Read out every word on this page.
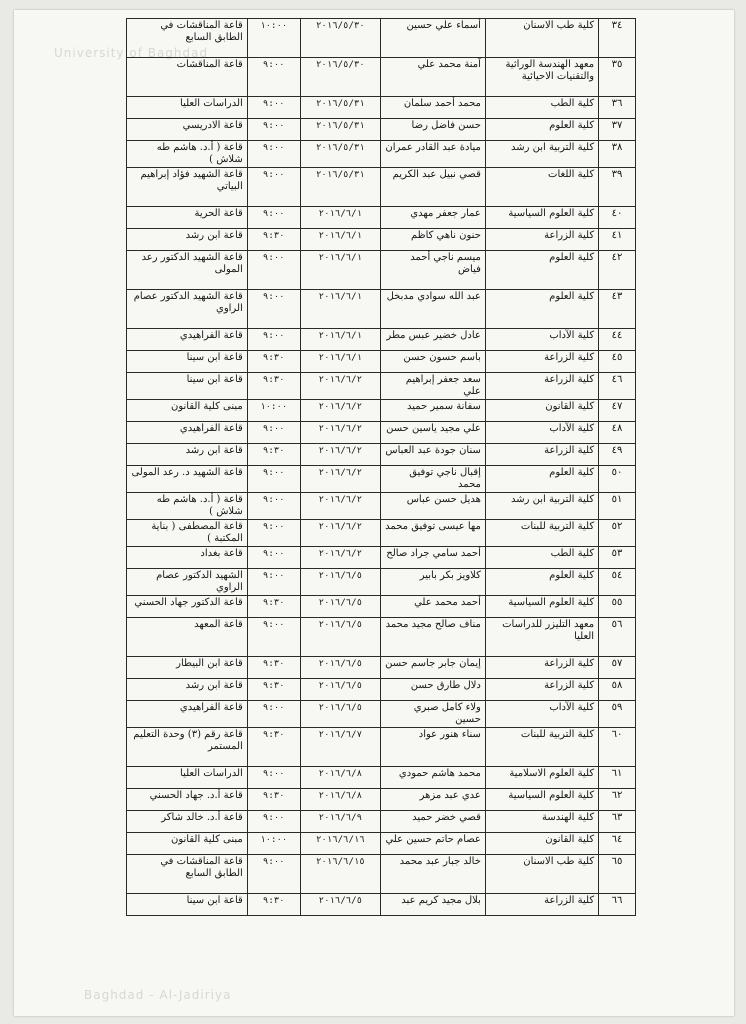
University of Baghdad
Baghdad - Al-Jadiriya
٣٤	كلية طب الاسنان	أسماء علي حسين	٢٠١٦/٥/٣٠	١٠:٠٠	قاعة المناقشات في الطابق السابع
٣٥	معهد الهندسة الوراثية والتقنيات الاحيائية	آمنة محمد علي	٢٠١٦/٥/٣٠	٩:٠٠	قاعة المناقشات
٣٦	كلية الطب	محمد أحمد سلمان	٢٠١٦/٥/٣١	٩:٠٠	الدراسات العليا
٣٧	كلية العلوم	حسن فاضل رضا	٢٠١٦/٥/٣١	٩:٠٠	قاعة الادريسي
٣٨	كلية التربية ابن رشد	ميادة عبد القادر عمران	٢٠١٦/٥/٣١	٩:٠٠	قاعة ( أ.د. هاشم طه شلاش )
٣٩	كلية اللغات	قصي نبيل عبد الكريم	٢٠١٦/٥/٣١	٩:٠٠	قاعة الشهيد فؤاد إبراهيم البياتي
٤٠	كلية العلوم السياسية	عمار جعفر مهدي	٢٠١٦/٦/١	٩:٠٠	قاعة الحرية
٤١	كلية الزراعة	حنون ناهي كاظم	٢٠١٦/٦/١	٩:٣٠	قاعة ابن رشد
٤٢	كلية العلوم	ميسم ناجي أحمد فياض	٢٠١٦/٦/١	٩:٠٠	قاعة الشهيد الدكتور رعد المولى
٤٣	كلية العلوم	عبد الله سوادي مدبخل	٢٠١٦/٦/١	٩:٠٠	قاعة الشهيد الدكتور عصام الراوي
٤٤	كلية الآداب	عادل خضير عبس مطر	٢٠١٦/٦/١	٩:٠٠	قاعة الفراهيدي
٤٥	كلية الزراعة	باسم حسون حسن	٢٠١٦/٦/١	٩:٣٠	قاعة ابن سينا
٤٦	كلية الزراعة	سعد جعفر إبراهيم علي	٢٠١٦/٦/٢	٩:٣٠	قاعة ابن سينا
٤٧	كلية القانون	سفانة سمير حميد	٢٠١٦/٦/٢	١٠:٠٠	مبنى كلية القانون
٤٨	كلية الآداب	علي مجيد ياسين حسن	٢٠١٦/٦/٢	٩:٠٠	قاعة الفراهيدي
٤٩	كلية الزراعة	سنان جودة عبد العباس	٢٠١٦/٦/٢	٩:٣٠	قاعة ابن رشد
٥٠	كلية العلوم	إقبال ناجي توفيق محمد	٢٠١٦/٦/٢	٩:٠٠	قاعة الشهيد د. رعد المولى
٥١	كلية التربية ابن رشد	هديل حسن عباس	٢٠١٦/٦/٢	٩:٠٠	قاعة ( أ.د. هاشم طه شلاش )
٥٢	كلية التربية للبنات	مها عيسى توفيق محمد	٢٠١٦/٦/٢	٩:٠٠	قاعة المصطفى ( بناية المكتبة )
٥٣	كلية الطب	أحمد سامي جراد صالح	٢٠١٦/٦/٢	٩:٠٠	قاعة بغداد
٥٤	كلية العلوم	كلاويز بكر بابير	٢٠١٦/٦/٥	٩:٠٠	الشهيد الدكتور عصام الراوي
٥٥	كلية العلوم السياسية	أحمد محمد علي	٢٠١٦/٦/٥	٩:٣٠	قاعة الدكتور جهاد الحسني
٥٦	معهد التليزر للدراسات العليا	مناف صالح مجيد محمد	٢٠١٦/٦/٥	٩:٠٠	قاعة المعهد
٥٧	كلية الزراعة	إيمان جابر جاسم حسن	٢٠١٦/٦/٥	٩:٣٠	قاعة ابن البيطار
٥٨	كلية الزراعة	دلال طارق حسن	٢٠١٦/٦/٥	٩:٣٠	قاعة ابن رشد
٥٩	كلية الآداب	ولاء كامل صبري حسين	٢٠١٦/٦/٥	٩:٠٠	قاعة الفراهيدي
٦٠	كلية التربية للبنات	سناء هنور عواد	٢٠١٦/٦/٧	٩:٣٠	قاعة رقم (٣) وحدة التعليم المستمر
٦١	كلية العلوم الاسلامية	محمد هاشم حمودي	٢٠١٦/٦/٨	٩:٠٠	الدراسات العليا
٦٢	كلية العلوم السياسية	عدي عبد مزهر	٢٠١٦/٦/٨	٩:٣٠	قاعة أ.د. جهاد الحسني
٦٣	كلية الهندسة	قصي خضر حميد	٢٠١٦/٦/٩	٩:٠٠	قاعة أ.د. خالد شاكر
٦٤	كلية القانون	عصام حاتم حسين علي	٢٠١٦/٦/١٦	١٠:٠٠	مبنى كلية القانون
٦٥	كلية طب الاسنان	خالد جبار عبد محمد	٢٠١٦/٦/١٥	٩:٠٠	قاعة المناقشات في الطابق السابع
٦٦	كلية الزراعة	بلال مجيد كريم عبد	٢٠١٦/٦/٥	٩:٣٠	قاعة ابن سينا
